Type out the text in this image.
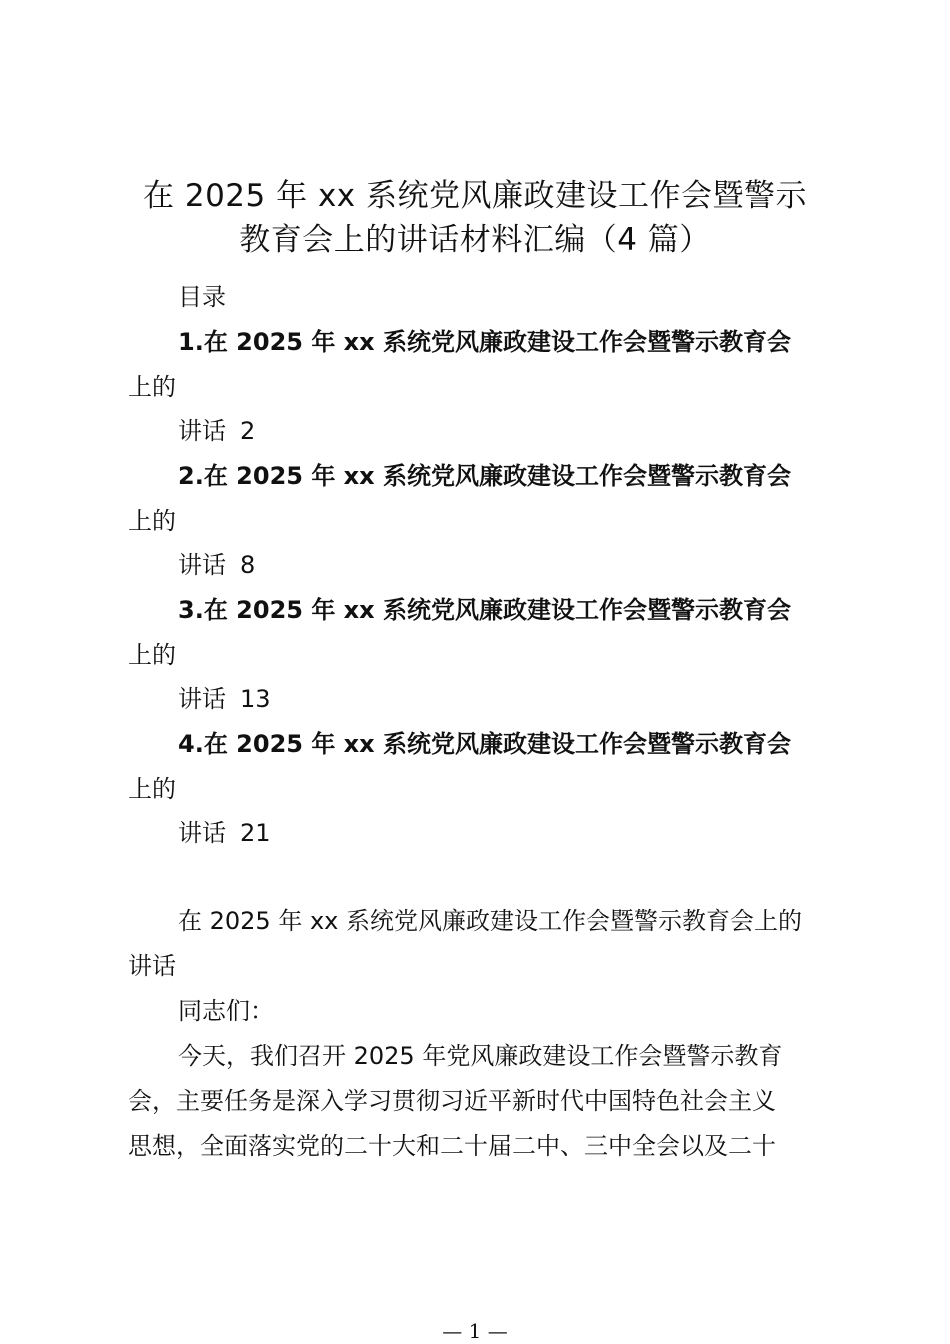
在 2025 年 xx 系统党风廉政建设工作会暨警示
教育会上的讲话材料汇编（4 篇）
目录
1.在 2025 年 xx 系统党风廉政建设工作会暨警示教育会
上的
讲话 2
2.在 2025 年 xx 系统党风廉政建设工作会暨警示教育会
上的
讲话 8
3.在 2025 年 xx 系统党风廉政建设工作会暨警示教育会
上的
讲话 13
4.在 2025 年 xx 系统党风廉政建设工作会暨警示教育会
上的
讲话 21

在 2025 年 xx 系统党风廉政建设工作会暨警示教育会上的
讲话

同志们：

今天，我们召开 2025 年党风廉政建设工作会暨警示教育
会，主要任务是深入学习贯彻习近平新时代中国特色社会主义
思想，全面落实党的二十大和二十届二中、三中全会以及二十

— 1 —
